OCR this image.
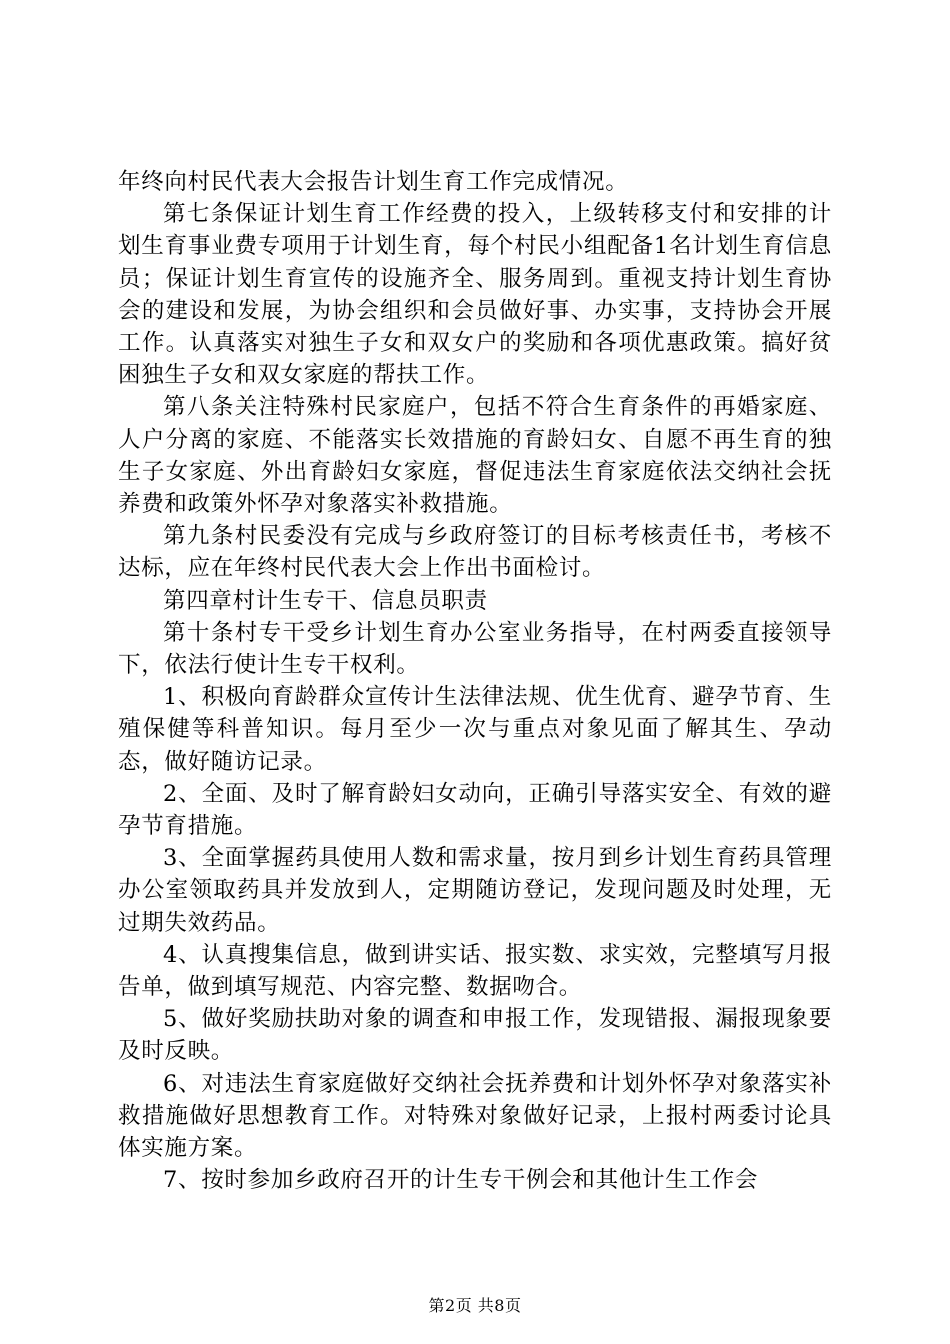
年终向村民代表大会报告计划生育工作完成情况。

第七条保证计划生育工作经费的投入，上级转移支付和安排的计划生育事业费专项用于计划生育，每个村民小组配备1名计划生育信息员；保证计划生育宣传的设施齐全、服务周到。重视支持计划生育协会的建设和发展，为协会组织和会员做好事、办实事，支持协会开展工作。认真落实对独生子女和双女户的奖励和各项优惠政策。搞好贫困独生子女和双女家庭的帮扶工作。

第八条关注特殊村民家庭户，包括不符合生育条件的再婚家庭、人户分离的家庭、不能落实长效措施的育龄妇女、自愿不再生育的独生子女家庭、外出育龄妇女家庭，督促违法生育家庭依法交纳社会抚养费和政策外怀孕对象落实补救措施。

第九条村民委没有完成与乡政府签订的目标考核责任书，考核不达标，应在年终村民代表大会上作出书面检讨。

第四章村计生专干、信息员职责

第十条村专干受乡计划生育办公室业务指导，在村两委直接领导下，依法行使计生专干权利。

1、积极向育龄群众宣传计生法律法规、优生优育、避孕节育、生殖保健等科普知识。每月至少一次与重点对象见面了解其生、孕动态，做好随访记录。

2、全面、及时了解育龄妇女动向，正确引导落实安全、有效的避孕节育措施。

3、全面掌握药具使用人数和需求量，按月到乡计划生育药具管理办公室领取药具并发放到人，定期随访登记，发现问题及时处理，无过期失效药品。

4、认真搜集信息，做到讲实话、报实数、求实效，完整填写月报告单，做到填写规范、内容完整、数据吻合。

5、做好奖励扶助对象的调查和申报工作，发现错报、漏报现象要及时反映。

6、对违法生育家庭做好交纳社会抚养费和计划外怀孕对象落实补救措施做好思想教育工作。对特殊对象做好记录，上报村两委讨论具体实施方案。

7、按时参加乡政府召开的计生专干例会和其他计生工作会

第2页 共8页
